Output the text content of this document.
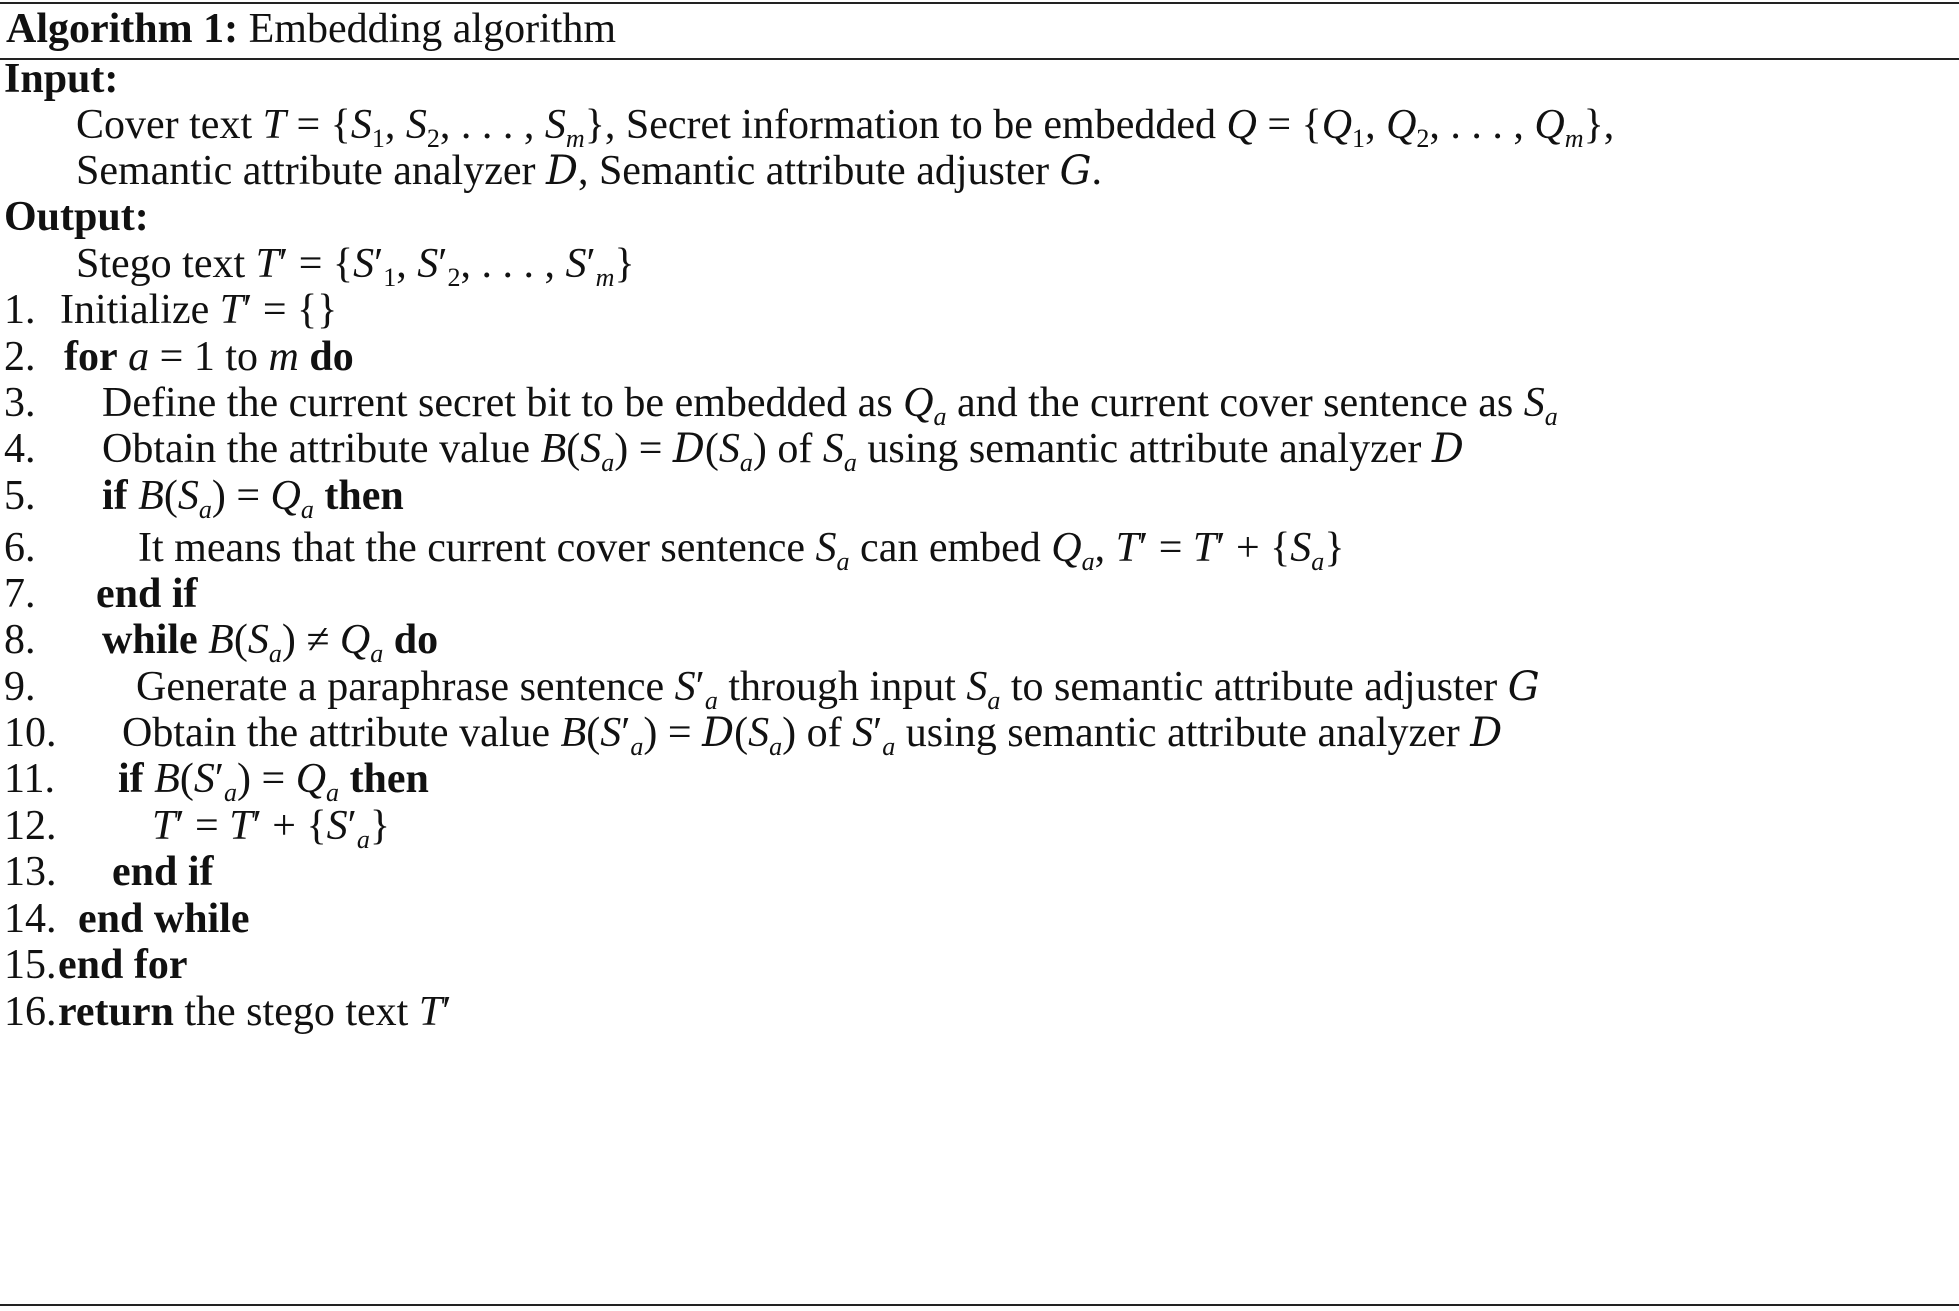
Algorithm 1: Embedding algorithm
Input:
Cover text $T = \{S_1$, $S_2$, . . . , $S_m$}, Secret information to be embedded $Q = \{Q_1$, $Q_2$, . . . , $Q_m$},
Semantic attribute analyzer D, Semantic attribute adjuster G.
Output:
Stego text $T' = \{S'_1$, $S'_2$, . . . , $S'_m$}
1. Initialize T′ = {}
2. for a = 1 to m do
3. Define the current secret bit to be embedded as $Q_a$ and the current cover sentence as $S_a$
4. Obtain the attribute value $B(S_a) = D(S_a)$ of $S_a$ using semantic attribute analyzer D
5. if $B(S_a) = Q_a$ then
6. It means that the current cover sentence $S_a$ can embed $Q_a$, $T' = T' + \{S_a\}$
7. end if
8. while $B(S_a) \ne Q_a$ do
9. Generate a paraphrase sentence $S'_a$ through input $S_a$ to semantic attribute adjuster G
10. Obtain the attribute value $B(S'_a) = D(S_a)$ of $S'_a$ using semantic attribute analyzer D
11. if $B(S'_a) = Q_a$ then
12. $T' = T' + \{S'_a\}$
13. end if
14. end while
15. end for
16. return the stego text T′
